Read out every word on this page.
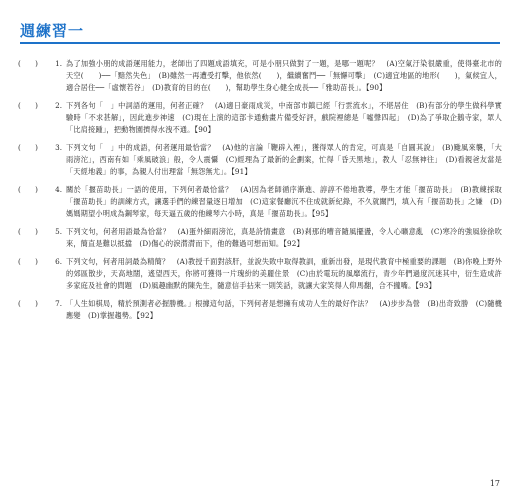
週練習一
(　　)	1. 為了加強小朋的成語運用能力，老師出了四題成語填充，可是小朋只做對了一題，是哪一題呢？　(A)空氣汙染很嚴重，使得臺北市的天空(　　)──「黯然失色」　(B)雖然一再遭受打擊，他依然(　　)，繼續奮鬥──「無懈可擊」　(C)適宜地區的地形(　　)，氣候宜人，適合居住──「虛懷若谷」　(D)教育的目的在(　　)，幫助學生身心健全成長──「雅助苗長」。【90】
(　　)	2. 下列各句「　」中詞語的運用，何者正確？　(A)適日豪雨成災，中南部市鎮已經「行雲流水」，不堪居住　(B)有部分的學生做科學實驗時「不求甚解」，因此進步神速　(C)現在上演的這部卡通動畫片備受好評，戲院裡總是「噓聲四起」　(D)為了爭取企鵝寺家，眾人「比肩接踵」，把動物園擠得水洩不通。【90】
(　　)	3. 下列文句「　」中的成語，何者運用最恰當？　(A)他的言論「鞭辟入裡」，獲得眾人的肯定，可真是「自圓其說」　(B)颱風來襲，「大雨滂沱」，西南有如「乘風破浪」般，令人震懾　(C)經理為了最新的企劃案，忙得「昏天黑地」，教人「忍無神往」　(D)看親爸友當是「天經地義」的事，為親人付出理當「無怨無尤」。【91】
(　　)	4. 關於「揠苗助長」一語的使用，下列何者最恰當？　(A)因為老師循序漸進、諄諄不倦地教導，學生才能「揠苗助長」　(B)教練採取「揠苗助長」的訓練方式，讓選手們的練習量逐日增加　(C)這家餐廳沉不住成就新紀錄，不久就關門，填入有「揠苗助長」之嫌　(D)媽媽期望小明成為鋼琴家，每天逼五歲的他練琴六小時，真是「揠苗助長」。【95】
(　　)	5. 下列文句，何者用語最為恰當？　(A)蛋外細雨滂沱，真是詩情畫意　(B)剎那的嘈音隨風擺盪，令人心曠意亂　(C)寒冷的強風徐徐吹來，簡直是難以抵擋　(D)傷心的淚潸潸而下，他的難過可想而知。【92】
(　　)	6. 下列文句，何者用詞最為精簡？　(A)教授千面對該肝，並說失敗中取得教訓，重新出發，是現代教育中極重要的課題　(B)你晚上野外的郊區散步，天高地闊，遙望西天，你將可獲得一片瑰紛的美麗住景　(C)由於電玩的風靡流行，青少年們過度沉迷其中，衍生造成許多家庭及社會的問題　(D)風趣幽默的陳先生，隨意信手拈來一則笑話，就讓大家笑得人仰馬翻，合不攏嘴。【93】
(　　)	7. 「人生如棋局，精於預測者必握勝機。」根據這句話，下列何者是想擁有成功人生的最好作法？　(A)步步為營　(B)出奇致勝　(C)隨機應變　(D)掌握趨勢。【92】
17
